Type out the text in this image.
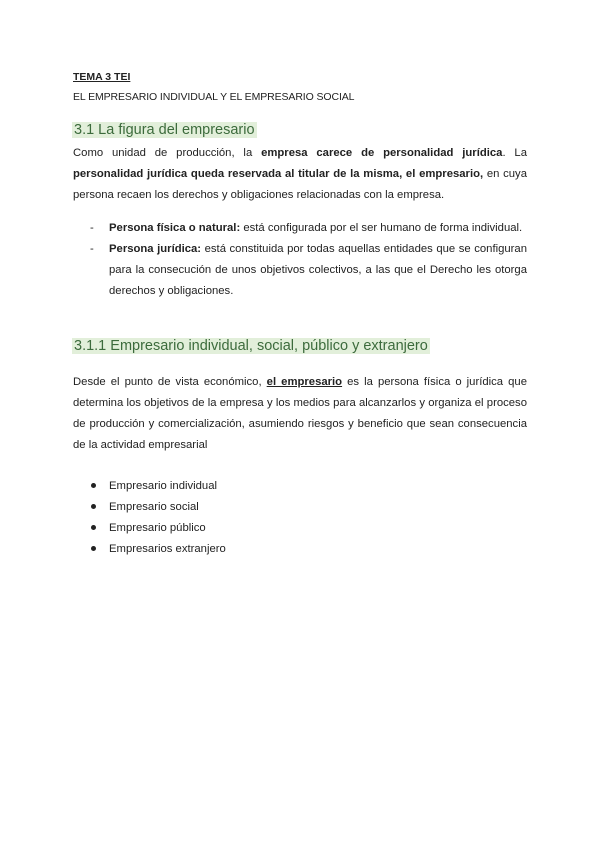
TEMA 3 TEI

EL EMPRESARIO INDIVIDUAL Y EL EMPRESARIO SOCIAL

3.1 La figura del empresario

Como unidad de producción, la empresa carece de personalidad jurídica. La personalidad jurídica queda reservada al titular de la misma, el empresario, en cuya persona recaen los derechos y obligaciones relacionadas con la empresa.

- Persona física o natural: está configurada por el ser humano de forma individual.
- Persona jurídica: está constituida por todas aquellas entidades que se configuran para la consecución de unos objetivos colectivos, a las que el Derecho les otorga derechos y obligaciones.
3.1.1 Empresario individual, social, público y extranjero

Desde el punto de vista económico, el empresario es la persona física o jurídica que determina los objetivos de la empresa y los medios para alcanzarlos y organiza el proceso de producción y comercialización, asumiendo riesgos y beneficio que sean consecuencia de la actividad empresarial

Empresario individual
Empresario social
Empresario público
Empresarios extranjero
